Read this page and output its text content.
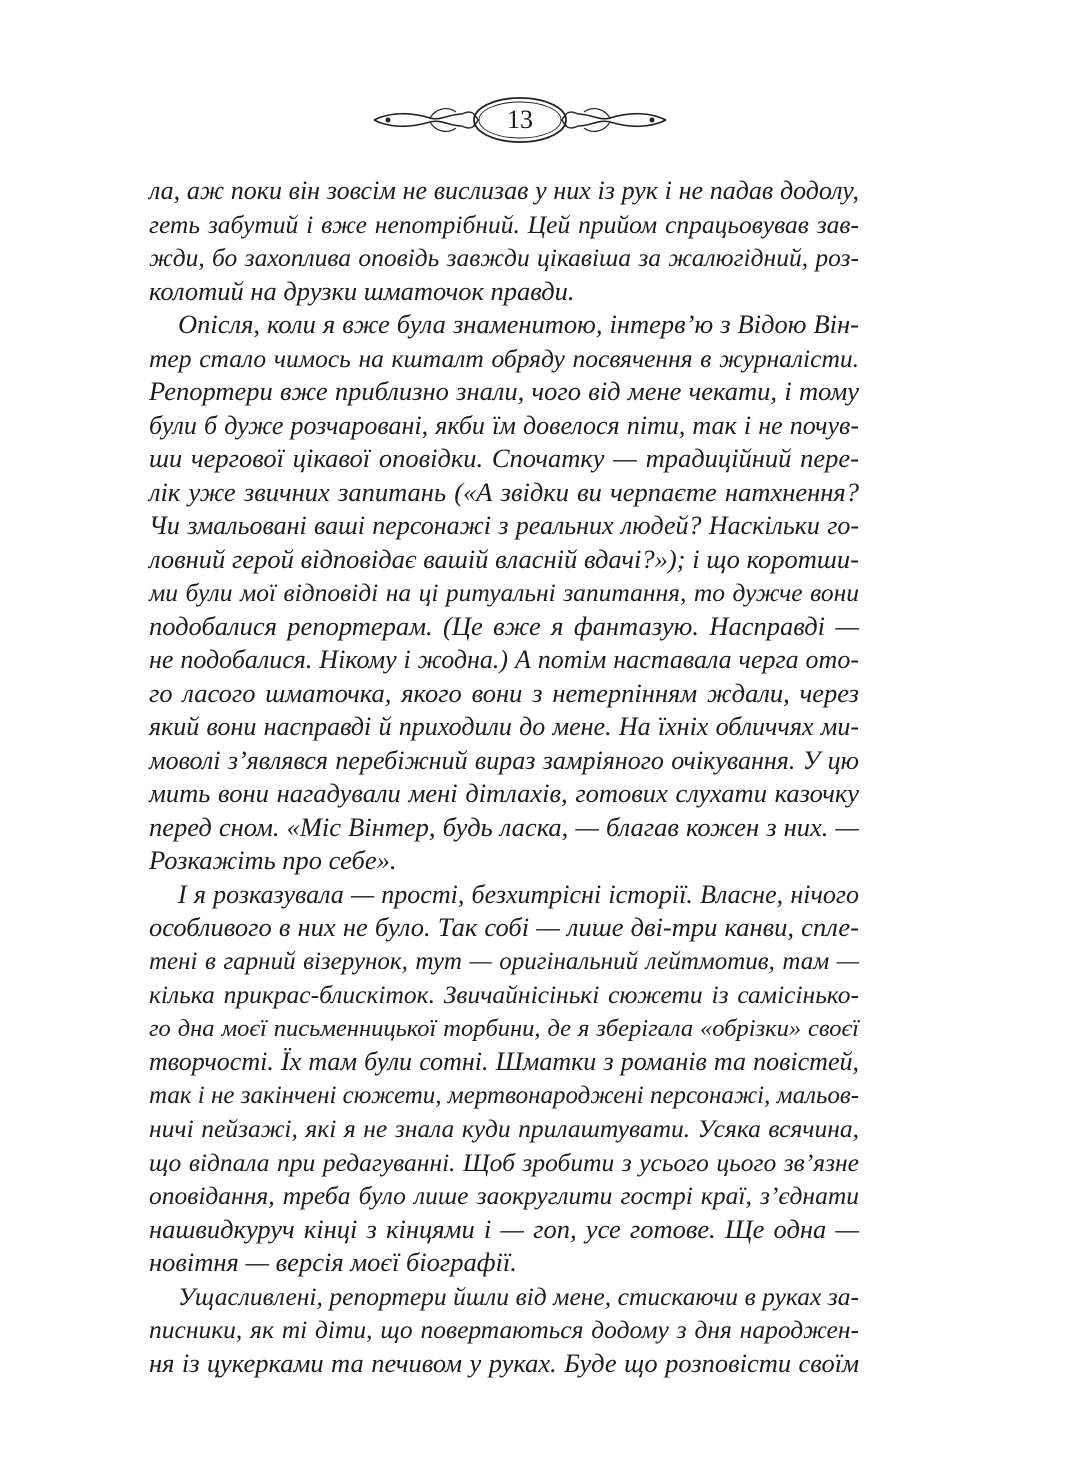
13
ла, аж поки він зовсім не вислизав у них із рук і не падав додолу,
геть забутий і вже непотрібний. Цей прийом спрацьовував зав-
жди, бо захоплива оповідь завжди цікавіша за жалюгідний, роз-
колотий на друзки шматочок правди.
Опісля, коли я вже була знаменитою, інтерв’ю з Відою Він-
тер стало чимось на кшталт обряду посвячення в журналісти.
Репортери вже приблизно знали, чого від мене чекати, і тому
були б дуже розчаровані, якби їм довелося піти, так і не почув-
ши чергової цікавої оповідки. Спочатку — традиційний пере-
лік уже звичних запитань («А звідки ви черпаєте натхнення?
Чи змальовані ваші персонажі з реальних людей? Наскільки го-
ловний герой відповідає вашій власній вдачі?»); і що коротши-
ми були мої відповіді на ці ритуальні запитання, то дужче вони
подобалися репортерам. (Це вже я фантазую. Насправді —
не подобалися. Нікому і жодна.) А потім наставала черга ото-
го ласого шматочка, якого вони з нетерпінням ждали, через
який вони насправді й приходили до мене. На їхніх обличчях ми-
моволі з’являвся перебіжний вираз замріяного очікування. У цю
мить вони нагадували мені дітлахів, готових слухати казочку
перед сном. «Міс Вінтер, будь ласка, — благав кожен з них. —
Розкажіть про себе».
І я розказувала — прості, безхитрісні історії. Власне, нічого
особливого в них не було. Так собі — лише дві-три канви, спле-
тені в гарний візерунок, тут — оригінальний лейтмотив, там —
кілька прикрас-блискіток. Звичайнісінькі сюжети із самісінько-
го дна моєї письменницької торбини, де я зберігала «обрізки» своєї
творчості. Їх там були сотні. Шматки з романів та повістей,
так і не закінчені сюжети, мертвонароджені персонажі, мальов-
ничі пейзажі, які я не знала куди прилаштувати. Усяка всячина,
що відпала при редагуванні. Щоб зробити з усього цього зв’язне
оповідання, треба було лише заокруглити гострі краї, з’єднати
нашвидкуруч кінці з кінцями і — гоп, усе готове. Ще одна —
новітня — версія моєї біографії.
Ущасливлені, репортери йшли від мене, стискаючи в руках за-
писники, як ті діти, що повертаються додому з дня народжен-
ня із цукерками та печивом у руках. Буде що розповісти своїм
